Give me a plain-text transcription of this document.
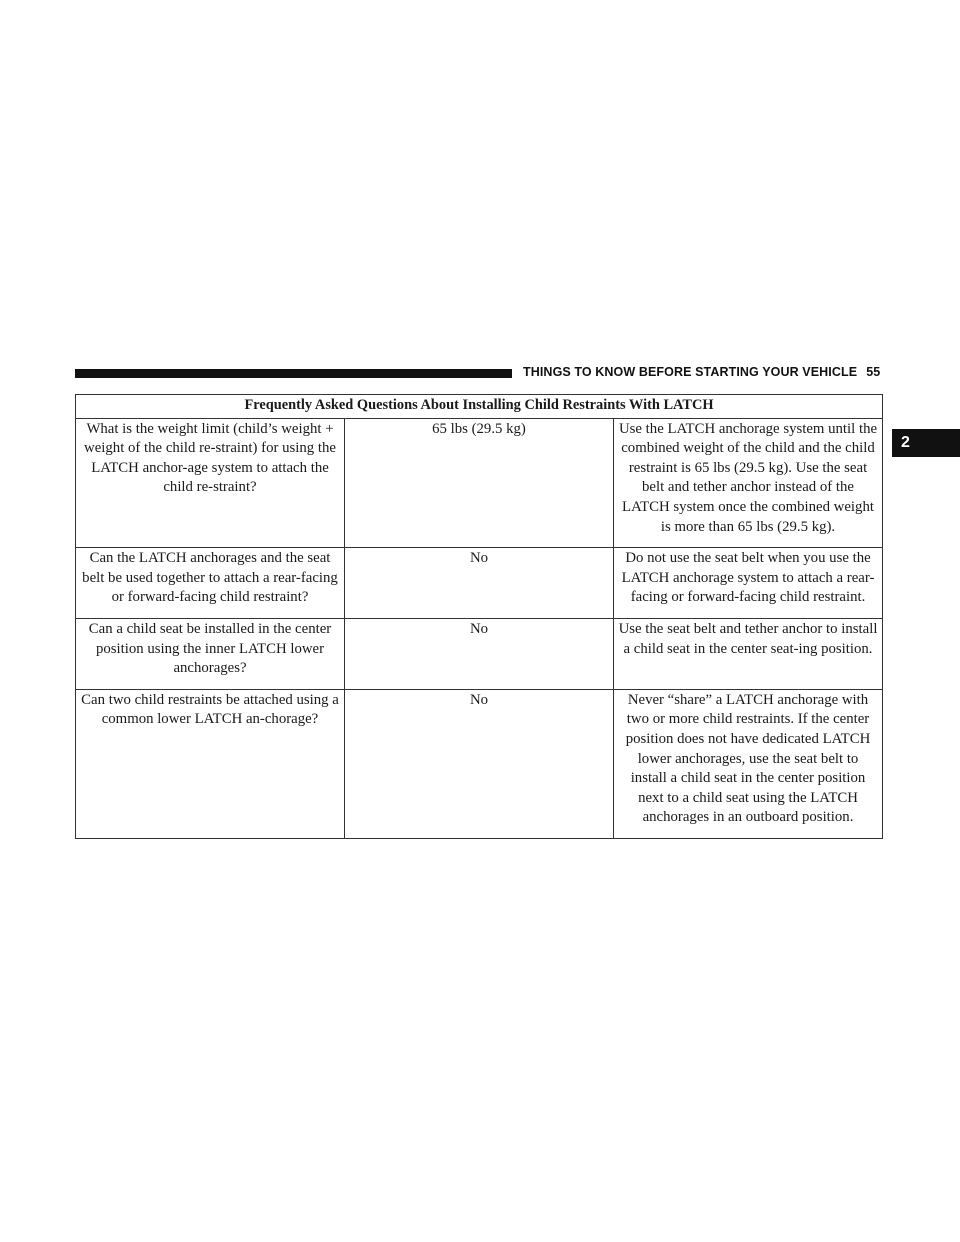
THINGS TO KNOW BEFORE STARTING YOUR VEHICLE 55
2
Frequently Asked Questions About Installing Child Restraints With LATCH		
What is the weight limit (child’s weight + weight of the child re-straint) for using the LATCH anchor-age system to attach the child re-straint?	65 lbs (29.5 kg)	Use the LATCH anchorage system until the combined weight of the child and the child restraint is 65 lbs (29.5 kg). Use the seat belt and tether anchor instead of the LATCH system once the combined weight is more than 65 lbs (29.5 kg).
Can the LATCH anchorages and the seat belt be used together to attach a rear-facing or forward-facing child restraint?	No	Do not use the seat belt when you use the LATCH anchorage system to attach a rear-facing or forward-facing child restraint.
Can a child seat be installed in the center position using the inner LATCH lower anchorages?	No	Use the seat belt and tether anchor to install a child seat in the center seat-ing position.
Can two child restraints be attached using a common lower LATCH an-chorage?	No	Never “share” a LATCH anchorage with two or more child restraints. If the center position does not have dedicated LATCH lower anchorages, use the seat belt to install a child seat in the center position next to a child seat using the LATCH anchorages in an outboard position.
